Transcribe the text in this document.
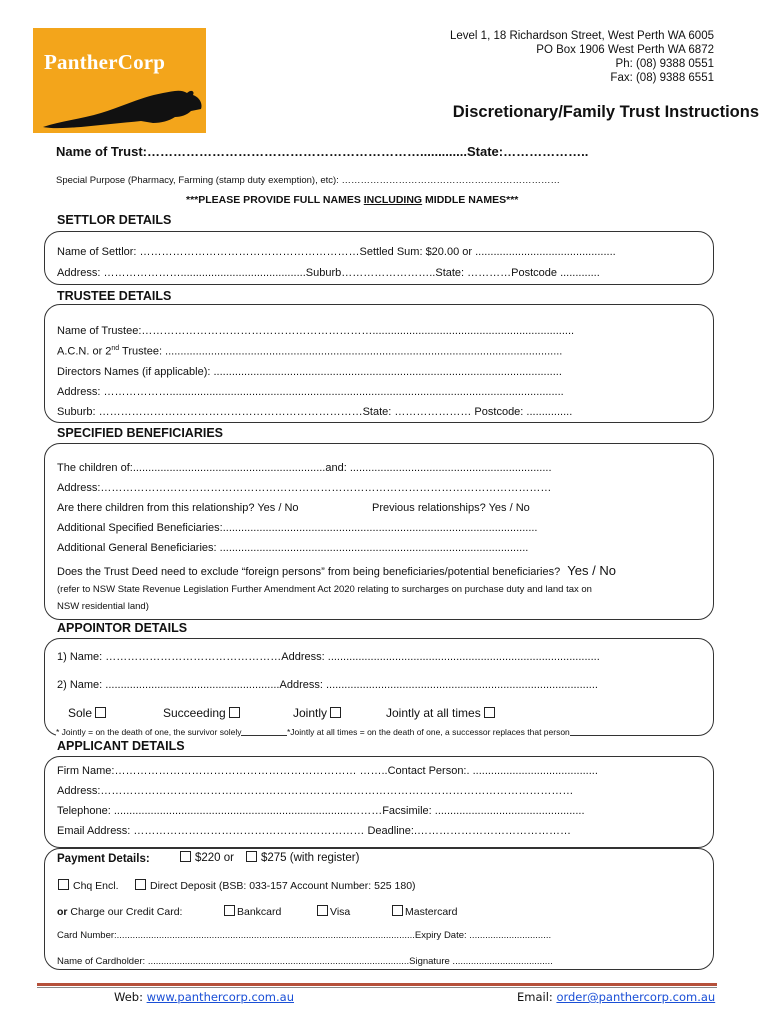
PantherCorp
Level 1, 18 Richardson Street, West Perth WA 6005
PO Box 1906 West Perth WA 6872
Ph: (08) 9388 0551
Fax: (08) 9388 6551
Discretionary/Family Trust Instructions
Name of Trust:……………………………………………………….............State:………………..
Special Purpose (Pharmacy, Farming (stamp duty exemption), etc): ……………………………………………………………
***PLEASE PROVIDE FULL NAMES INCLUDING MIDDLE NAMES***
SETTLOR DETAILS
Name of Settlor: ……………………………………………………Settled Sum: $20.00 or ..............................................
Address: ………………….........................................Suburb……………………..State: …………Postcode .............
TRUSTEE DETAILS
Name of Trustee:………………………………………………………..................................................................
A.C.N. or 2nd Trustee: ..................................................................................................................................
Directors Names (if applicable): ..................................................................................................................
Address: ……………….................................................................................................................................
Suburb: ………………………………………………………………State: ………………… Postcode: ...............
SPECIFIED BENEFICIARIES
The children of:...............................................................and: ..................................................................
Address:……………………………………………………………………………………………………………
Are there children from this relationship? Yes / No	Previous relationships? Yes / No
Additional Specified Beneficiaries:.......................................................................................................
Additional General Beneficiaries: .....................................................................................................
Does the Trust Deed need to exclude “foreign persons” from being beneficiaries/potential beneficiaries? Yes / No
(refer to NSW State Revenue Legislation Further Amendment Act 2020 relating to surcharges on purchase duty and land tax on
NSW residential land)
APPOINTOR DETAILS
1) Name: …………………………………………Address: .........................................................................................
2) Name: .........................................................Address: .........................................................................................
Sole	Succeeding	Jointly	Jointly at all times
* Jointly = on the death of one, the survivor solely	*Jointly at all times = on the death of one, a successor replaces that person
APPLICANT DETAILS
Firm Name:………………………………………………………… ……..Contact Person:. .........................................
Address:…………………………………………………………………………………………………………………
Telephone: .............................................................................………Facsimile: .................................................
Email Address: ……………………………………………………… Deadline:.……………………………………
Payment Details:	$220 or	$275 (with register)
Chq Encl.	Direct Deposit (BSB: 033-157 Account Number: 525 180)
or Charge our Credit Card:	Bankcard	Visa	Mastercard
Card Number:.................................................................................................................Expiry Date: ...............................
Name of Cardholder: ...................................................................................................Signature ......................................
Web: www.panthercorp.com.au	Email: order@panthercorp.com.au
